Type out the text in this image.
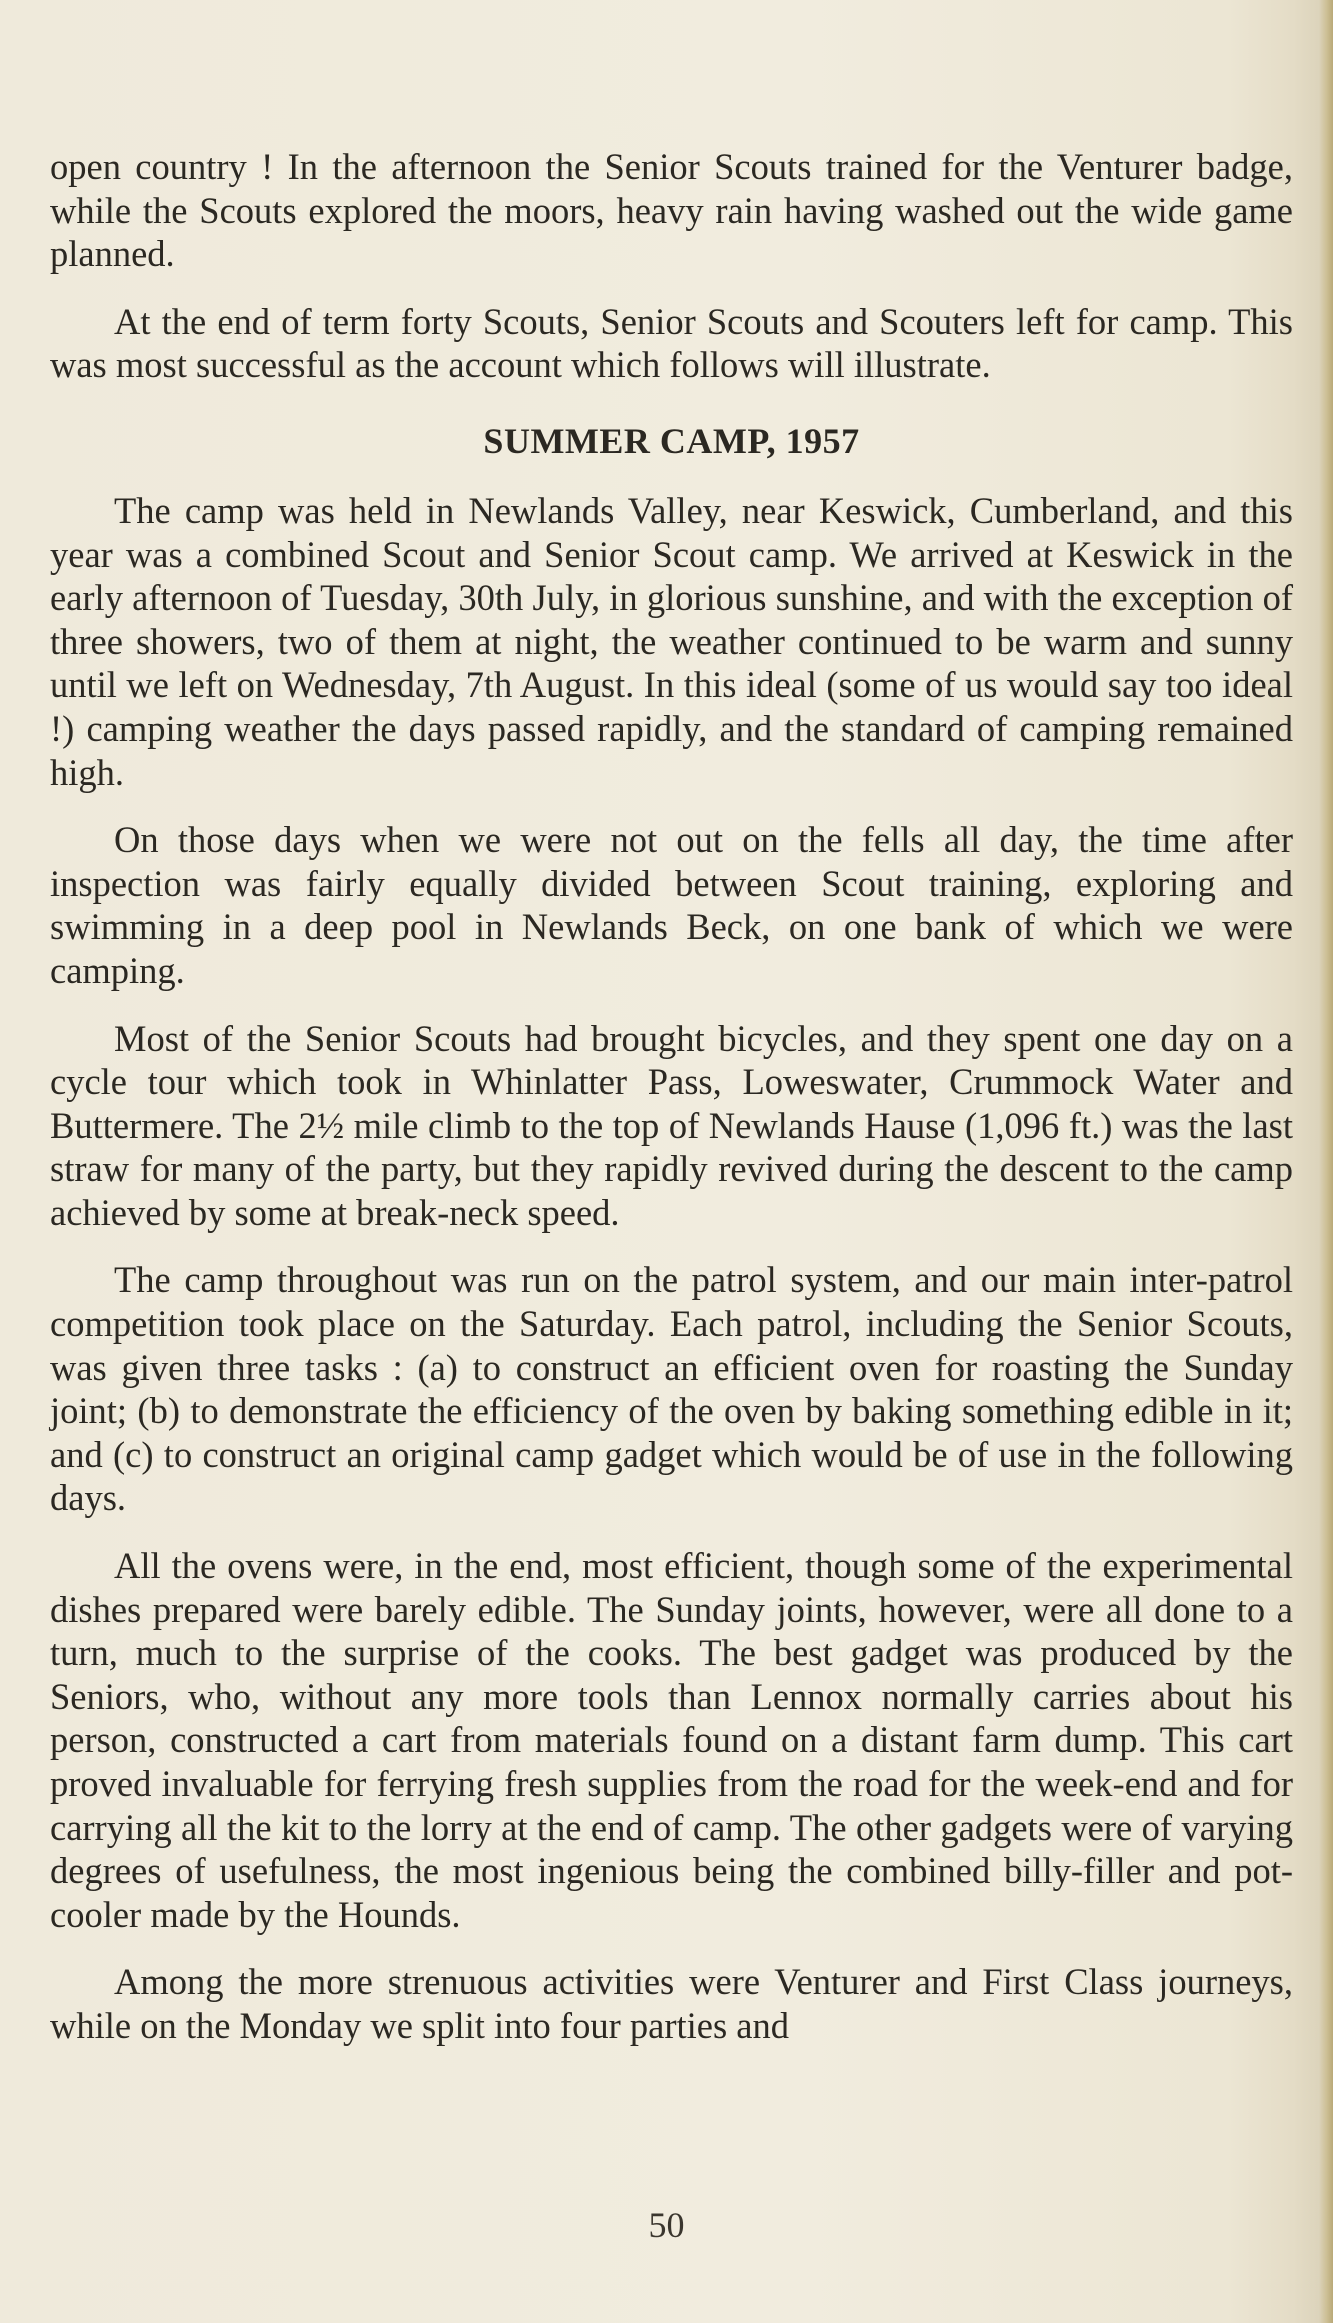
open country ! In the afternoon the Senior Scouts trained for the Venturer badge, while the Scouts explored the moors, heavy rain having washed out the wide game planned.

At the end of term forty Scouts, Senior Scouts and Scouters left for camp. This was most successful as the account which follows will illustrate.

SUMMER CAMP, 1957

The camp was held in Newlands Valley, near Keswick, Cumberland, and this year was a combined Scout and Senior Scout camp. We arrived at Keswick in the early afternoon of Tuesday, 30th July, in glorious sunshine, and with the exception of three showers, two of them at night, the weather continued to be warm and sunny until we left on Wednesday, 7th August. In this ideal (some of us would say too ideal !) camping weather the days passed rapidly, and the standard of camping remained high.

On those days when we were not out on the fells all day, the time after inspection was fairly equally divided between Scout training, exploring and swimming in a deep pool in Newlands Beck, on one bank of which we were camping.

Most of the Senior Scouts had brought bicycles, and they spent one day on a cycle tour which took in Whinlatter Pass, Loweswater, Crummock Water and Buttermere. The 2½ mile climb to the top of Newlands Hause (1,096 ft.) was the last straw for many of the party, but they rapidly revived during the descent to the camp achieved by some at break-neck speed.

The camp throughout was run on the patrol system, and our main inter-patrol competition took place on the Saturday. Each patrol, including the Senior Scouts, was given three tasks : (a) to construct an efficient oven for roasting the Sunday joint; (b) to demonstrate the efficiency of the oven by baking something edible in it; and (c) to construct an original camp gadget which would be of use in the following days.

All the ovens were, in the end, most efficient, though some of the experimental dishes prepared were barely edible. The Sunday joints, however, were all done to a turn, much to the surprise of the cooks. The best gadget was produced by the Seniors, who, without any more tools than Lennox normally carries about his person, constructed a cart from materials found on a distant farm dump. This cart proved invaluable for ferrying fresh supplies from the road for the week-end and for carrying all the kit to the lorry at the end of camp. The other gadgets were of varying degrees of usefulness, the most ingenious being the combined billy-filler and pot-cooler made by the Hounds.

Among the more strenuous activities were Venturer and First Class journeys, while on the Monday we split into four parties and

50
